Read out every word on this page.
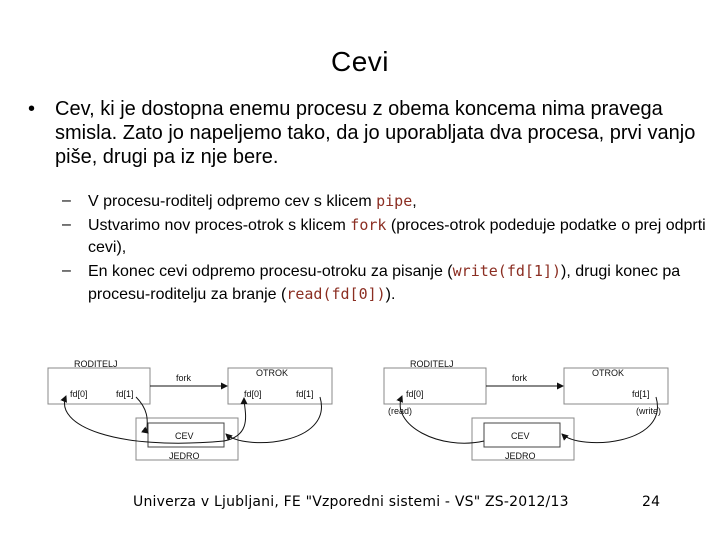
Cevi
• Cev, ki je dostopna enemu procesu z obema koncema nima pravega smisla. Zato jo napeljemo tako, da jo uporabljata dva procesa, prvi vanjo piše, drugi pa iz nje bere.
– V procesu-roditelj odpremo cev s klicem pipe,
– Ustvarimo nov proces-otrok s klicem fork (proces-otrok podeduje podatke o prej odprti cevi),
– En konec cevi odpremo procesu-otroku za pisanje (write(fd[1])), drugi konec pa procesu-roditelju za branje (read(fd[0])).
RODITELJ
OTROK
fork
fd[0]	fd[1]	fd[0]	fd[1]
CEV
JEDRO
RODITELJ
OTROK
fork
fd[0]	fd[1]
(read)	(write)
CEV
JEDRO
Univerza v Ljubljani, FE "Vzporedni sistemi - VS" ZS-2012/13	24
